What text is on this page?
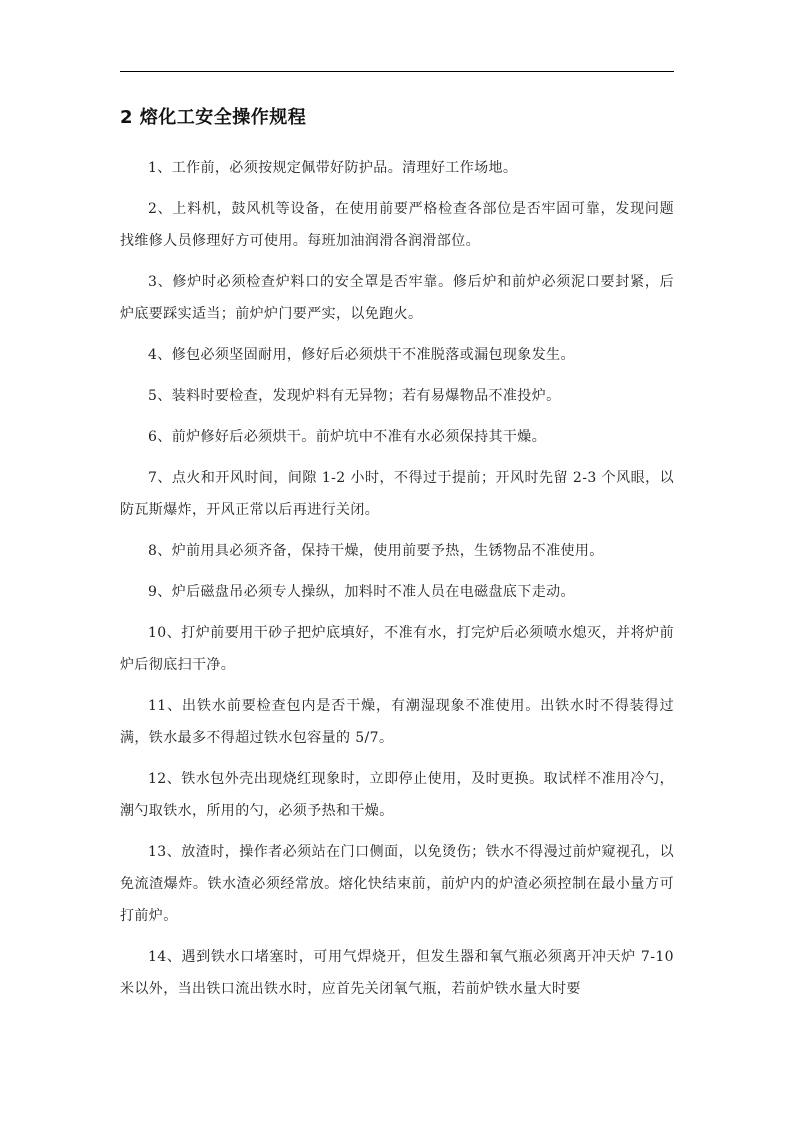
2 熔化工安全操作规程

1、工作前，必须按规定佩带好防护品。清理好工作场地。

2、上料机，鼓风机等设备，在使用前要严格检查各部位是否牢固可靠，发现问题找维修人员修理好方可使用。每班加油润滑各润滑部位。

3、修炉时必须检查炉料口的安全罩是否牢靠。修后炉和前炉必须泥口要封紧，后炉底要踩实适当；前炉炉门要严实，以免跑火。

4、修包必须坚固耐用，修好后必须烘干不准脱落或漏包现象发生。

5、装料时要检查，发现炉料有无异物；若有易爆物品不准投炉。

6、前炉修好后必须烘干。前炉坑中不准有水必须保持其干燥。

7、点火和开风时间，间隙 1-2 小时，不得过于提前；开风时先留 2-3 个风眼，以防瓦斯爆炸，开风正常以后再进行关闭。

8、炉前用具必须齐备，保持干燥，使用前要予热，生锈物品不准使用。

9、炉后磁盘吊必须专人操纵，加料时不准人员在电磁盘底下走动。

10、打炉前要用干砂子把炉底填好，不准有水，打完炉后必须喷水熄灭，并将炉前炉后彻底扫干净。

11、出铁水前要检查包内是否干燥，有潮湿现象不准使用。出铁水时不得装得过满，铁水最多不得超过铁水包容量的 5/7。

12、铁水包外壳出现烧红现象时，立即停止使用，及时更换。取试样不准用冷勺，潮勺取铁水，所用的勺，必须予热和干燥。

13、放渣时，操作者必须站在门口侧面，以免烫伤；铁水不得漫过前炉窥视孔，以免流渣爆炸。铁水渣必须经常放。熔化快结束前，前炉内的炉渣必须控制在最小量方可打前炉。

14、遇到铁水口堵塞时，可用气焊烧开，但发生器和氧气瓶必须离开冲天炉 7-10 米以外，当出铁口流出铁水时，应首先关闭氧气瓶，若前炉铁水量大时要
